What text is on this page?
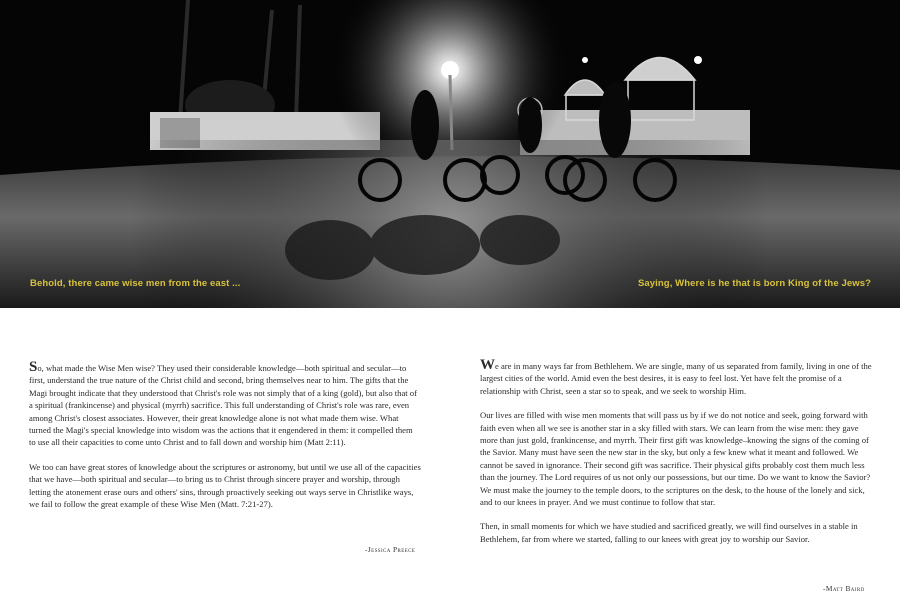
Behold, there came wise men from the east ...	Saying, Where is he that is born King of the Jews?

So, what made the Wise Men wise? They used their considerable knowledge—both spiritual and secular—to first, understand the true nature of the Christ child and second, bring themselves near to him. The gifts that the Magi brought indicate that they understood that Christ's role was not simply that of a king (gold), but also that of a spiritual (frankincense) and physical (myrrh) sacrifice. This full understanding of Christ's role was rare, even among Christ's closest associates. However, their great knowledge alone is not what made them wise. What turned the Magi's special knowledge into wisdom was the actions that it engendered in them: it compelled them to use all their capacities to come unto Christ and to fall down and worship him (Matt 2:11).

We too can have great stores of knowledge about the scriptures or astronomy, but until we use all of the capacities that we have—both spiritual and secular—to bring us to Christ through sincere prayer and worship, through letting the atonement erase ours and others' sins, through proactively seeking out ways serve in Christlike ways, we fail to follow the great example of these Wise Men (Matt. 7:21-27).

-Jessica Preece

We are in many ways far from Bethlehem. We are single, many of us separated from family, living in one of the largest cities of the world. Amid even the best desires, it is easy to feel lost. Yet have felt the promise of a relationship with Christ, seen a star so to speak, and we seek to worship Him.

Our lives are filled with wise men moments that will pass us by if we do not notice and seek, going forward with faith even when all we see is another star in a sky filled with stars. We can learn from the wise men: they gave more than just gold, frankincense, and myrrh. Their first gift was knowledge–knowing the signs of the coming of the Savior. Many must have seen the new star in the sky, but only a few knew what it meant and followed. We cannot be saved in ignorance. Their second gift was sacrifice. Their physical gifts probably cost them much less than the journey. The Lord requires of us not only our possessions, but our time. Do we want to know the Savior? We must make the journey to the temple doors, to the scriptures on the desk, to the house of the lonely and sick, and to our knees in prayer. And we must continue to follow that star.

Then, in small moments for which we have studied and sacrificed greatly, we will find ourselves in a stable in Bethlehem, far from where we started, falling to our knees with great joy to worship our Savior.

-Matt Baird
